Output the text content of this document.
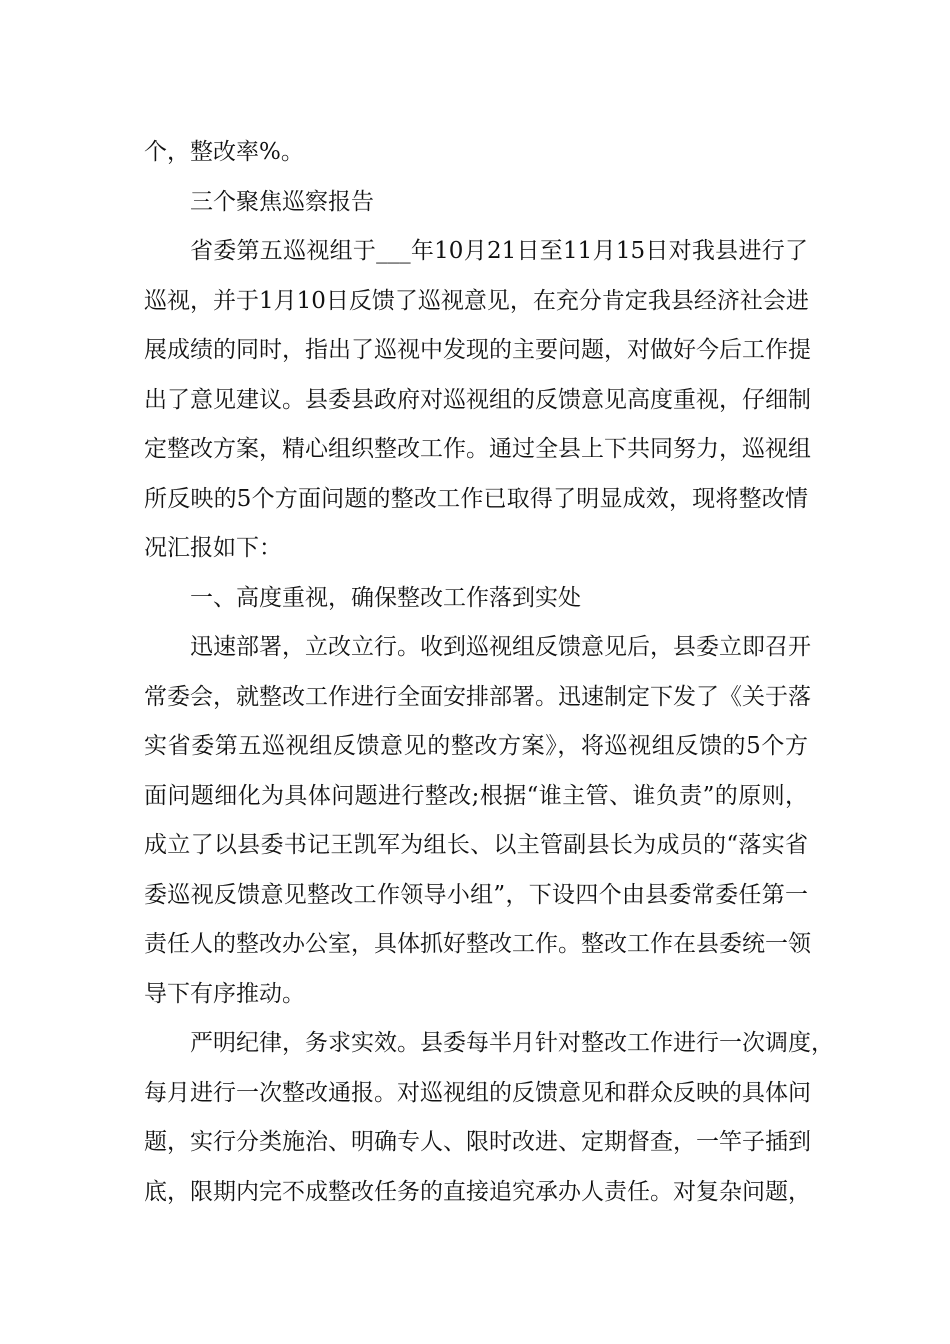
个，整改率%。
三个聚焦巡察报告
省委第五巡视组于___年10月21日至11月15日对我县进行了
巡视，并于1月10日反馈了巡视意见，在充分肯定我县经济社会进
展成绩的同时，指出了巡视中发现的主要问题，对做好今后工作提
出了意见建议。县委县政府对巡视组的反馈意见高度重视，仔细制
定整改方案，精心组织整改工作。通过全县上下共同努力，巡视组
所反映的5个方面问题的整改工作已取得了明显成效，现将整改情
况汇报如下：
一、高度重视，确保整改工作落到实处
迅速部署，立改立行。收到巡视组反馈意见后，县委立即召开
常委会，就整改工作进行全面安排部署。迅速制定下发了《关于落
实省委第五巡视组反馈意见的整改方案》，将巡视组反馈的5个方
面问题细化为具体问题进行整改;根据“谁主管、谁负责”的原则，
成立了以县委书记王凯军为组长、以主管副县长为成员的“落实省
委巡视反馈意见整改工作领导小组”，下设四个由县委常委任第一
责任人的整改办公室，具体抓好整改工作。整改工作在县委统一领
导下有序推动。
严明纪律，务求实效。县委每半月针对整改工作进行一次调度，
每月进行一次整改通报。对巡视组的反馈意见和群众反映的具体问
题，实行分类施治、明确专人、限时改进、定期督查，一竿子插到
底，限期内完不成整改任务的直接追究承办人责任。对复杂问题，
